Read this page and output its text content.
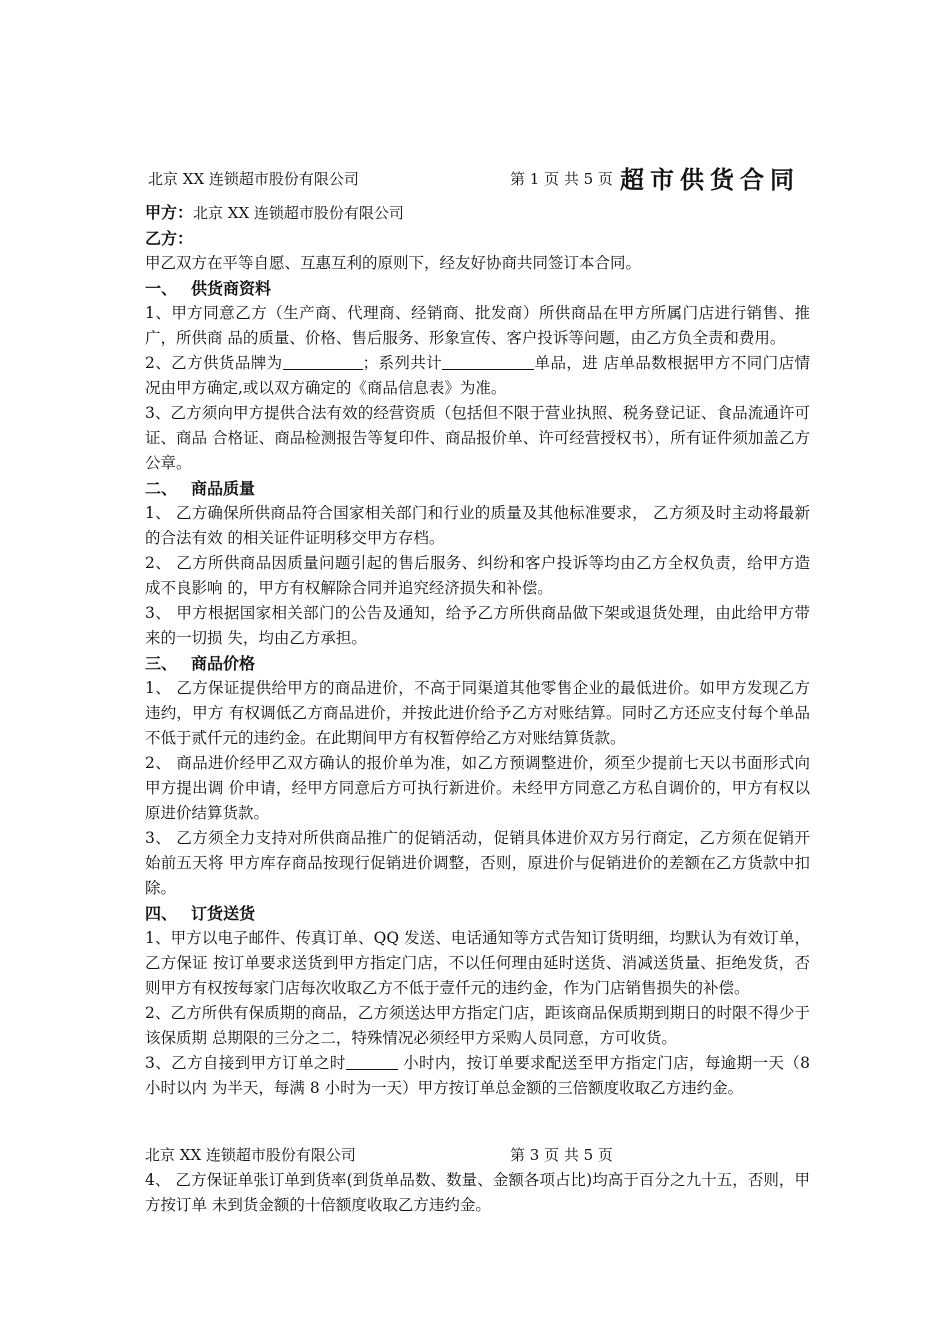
北京 XX 连锁超市股份有限公司	第 1 页 共 5 页 超市供货合同
甲方：北京 XX 连锁超市股份有限公司
乙方：

甲乙双方在平等自愿、互惠互利的原则下，经友好协商共同签订本合同。

一、 供货商资料

1、甲方同意乙方（生产商、代理商、经销商、批发商）所供商品在甲方所属门店进行销售、推广，所供商 品的质量、价格、售后服务、形象宣传、客户投诉等问题，由乙方负全责和费用。

2、乙方供货品牌为	；系列共计	单品，进 店单品数根据甲方不同门店情况由甲方确定,或以双方确定的《商品信息表》为准。

3、乙方须向甲方提供合法有效的经营资质（包括但不限于营业执照、税务登记证、食品流通许可证、商品 合格证、商品检测报告等复印件、商品报价单、许可经营授权书），所有证件须加盖乙方公章。

二、 商品质量

1、 乙方确保所供商品符合国家相关部门和行业的质量及其他标准要求， 乙方须及时主动将最新的合法有效 的相关证件证明移交甲方存档。

2、 乙方所供商品因质量问题引起的售后服务、纠纷和客户投诉等均由乙方全权负责，给甲方造成不良影响 的，甲方有权解除合同并追究经济损失和补偿。

3、 甲方根据国家相关部门的公告及通知，给予乙方所供商品做下架或退货处理，由此给甲方带来的一切损 失，均由乙方承担。

三、 商品价格

1、 乙方保证提供给甲方的商品进价，不高于同渠道其他零售企业的最低进价。如甲方发现乙方违约，甲方 有权调低乙方商品进价，并按此进价给予乙方对账结算。同时乙方还应支付每个单品不低于贰仟元的违约金。在此期间甲方有权暂停给乙方对账结算货款。

2、 商品进价经甲乙双方确认的报价单为准，如乙方预调整进价，须至少提前七天以书面形式向甲方提出调 价申请，经甲方同意后方可执行新进价。未经甲方同意乙方私自调价的，甲方有权以原进价结算货款。

3、 乙方须全力支持对所供商品推广的促销活动，促销具体进价双方另行商定，乙方须在促销开始前五天将 甲方库存商品按现行促销进价调整，否则，原进价与促销进价的差额在乙方货款中扣除。

四、 订货送货

1、甲方以电子邮件、传真订单、QQ 发送、电话通知等方式告知订货明细，均默认为有效订单，乙方保证 按订单要求送货到甲方指定门店，不以任何理由延时送货、消减送货量、拒绝发货，否则甲方有权按每家门店每次收取乙方不低于壹仟元的违约金，作为门店销售损失的补偿。

2、乙方所供有保质期的商品，乙方须送达甲方指定门店，距该商品保质期到期日的时限不得少于该保质期 总期限的三分之二，特殊情况必须经甲方采购人员同意，方可收货。

3、乙方自接到甲方订单之时	小时内，按订单要求配送至甲方指定门店，每逾期一天（8 小时以内 为半天，每满 8 小时为一天）甲方按订单总金额的三倍额度收取乙方违约金。

北京 XX 连锁超市股份有限公司	第 3 页 共 5 页

4、 乙方保证单张订单到货率(到货单品数、数量、金额各项占比)均高于百分之九十五，否则，甲方按订单 未到货金额的十倍额度收取乙方违约金。
